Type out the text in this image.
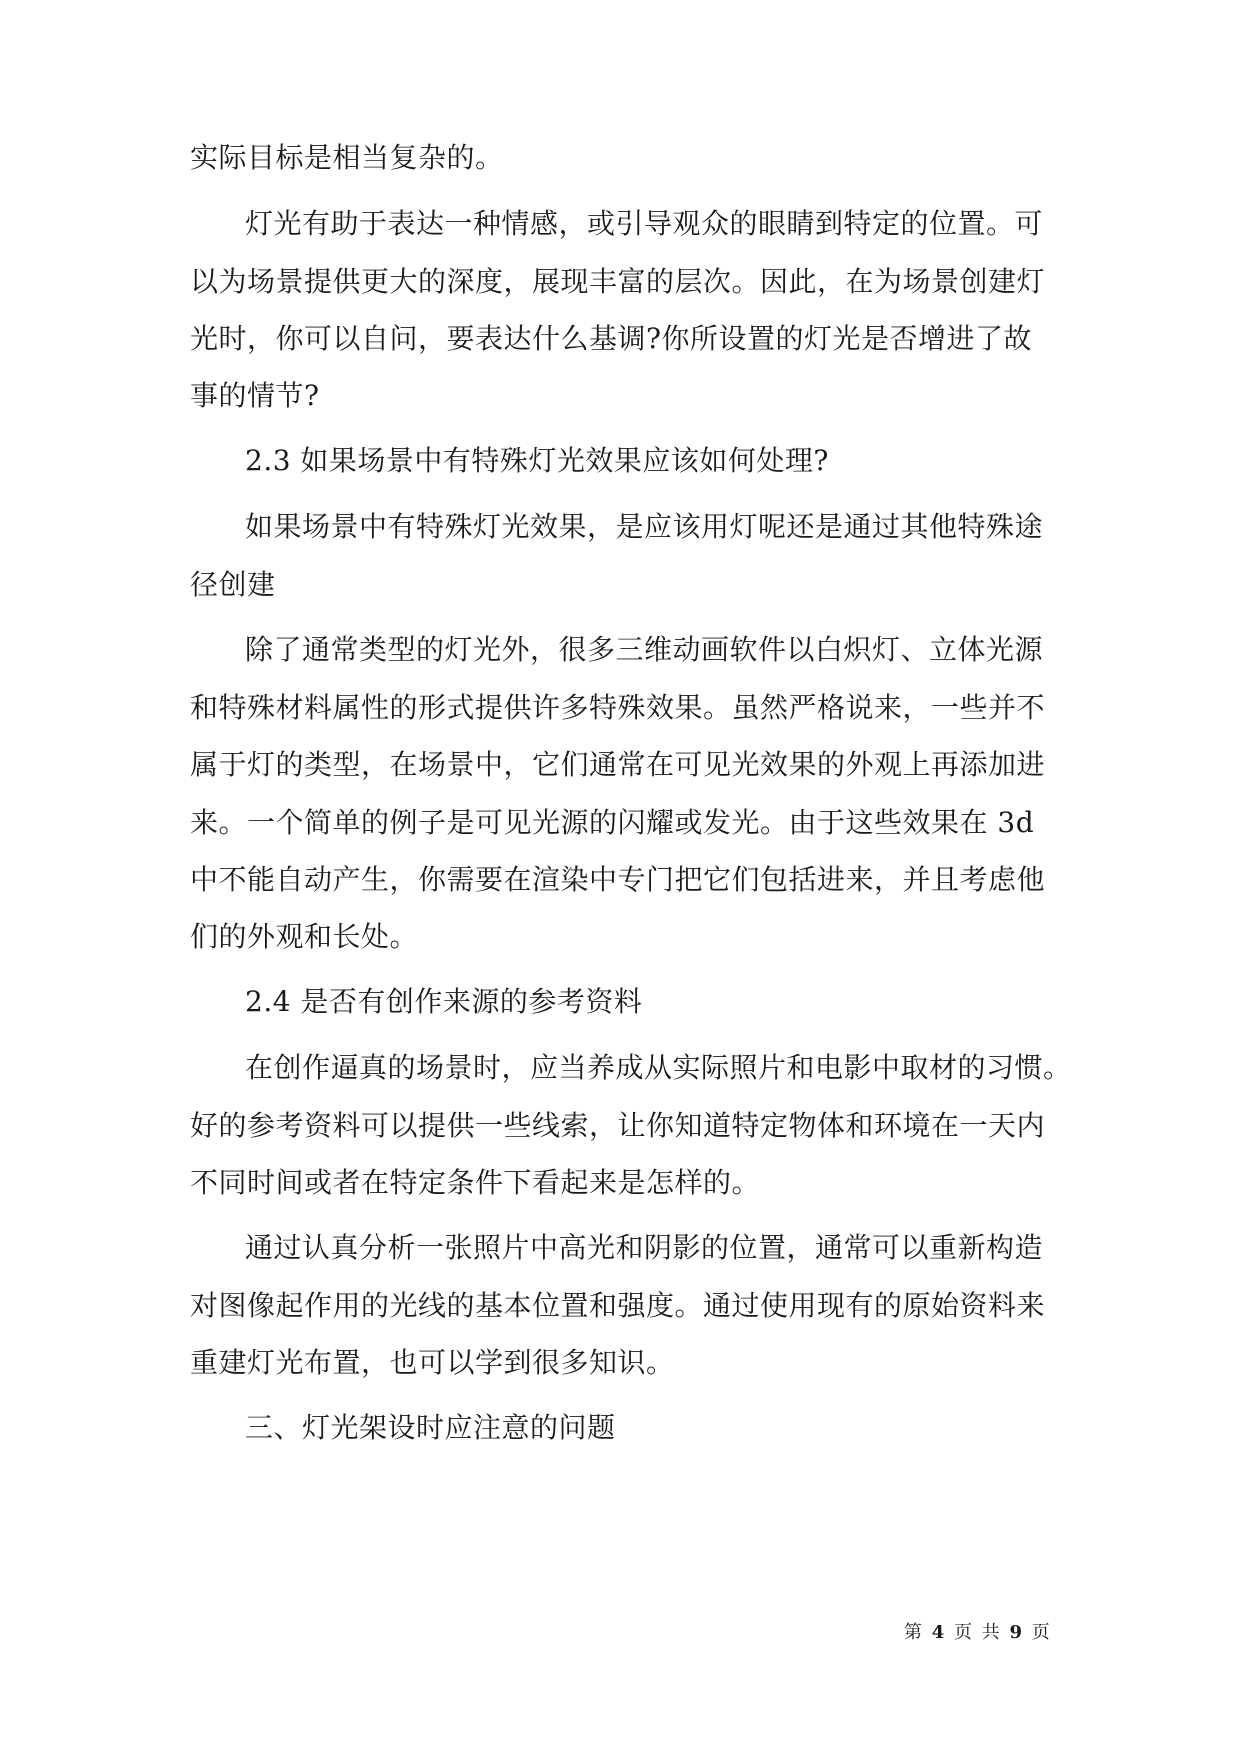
实际目标是相当复杂的。
灯光有助于表达一种情感，或引导观众的眼睛到特定的位置。可
以为场景提供更大的深度，展现丰富的层次。因此，在为场景创建灯
光时，你可以自问，要表达什么基调?你所设置的灯光是否增进了故
事的情节?
2.3 如果场景中有特殊灯光效果应该如何处理?
如果场景中有特殊灯光效果，是应该用灯呢还是通过其他特殊途
径创建
除了通常类型的灯光外，很多三维动画软件以白炽灯、立体光源
和特殊材料属性的形式提供许多特殊效果。虽然严格说来，一些并不
属于灯的类型，在场景中，它们通常在可见光效果的外观上再添加进
来。一个简单的例子是可见光源的闪耀或发光。由于这些效果在 3d
中不能自动产生，你需要在渲染中专门把它们包括进来，并且考虑他
们的外观和长处。
2.4 是否有创作来源的参考资料
在创作逼真的场景时，应当养成从实际照片和电影中取材的习惯。
好的参考资料可以提供一些线索，让你知道特定物体和环境在一天内
不同时间或者在特定条件下看起来是怎样的。
通过认真分析一张照片中高光和阴影的位置，通常可以重新构造
对图像起作用的光线的基本位置和强度。通过使用现有的原始资料来
重建灯光布置，也可以学到很多知识。
三、灯光架设时应注意的问题
第 4 页 共 9 页
